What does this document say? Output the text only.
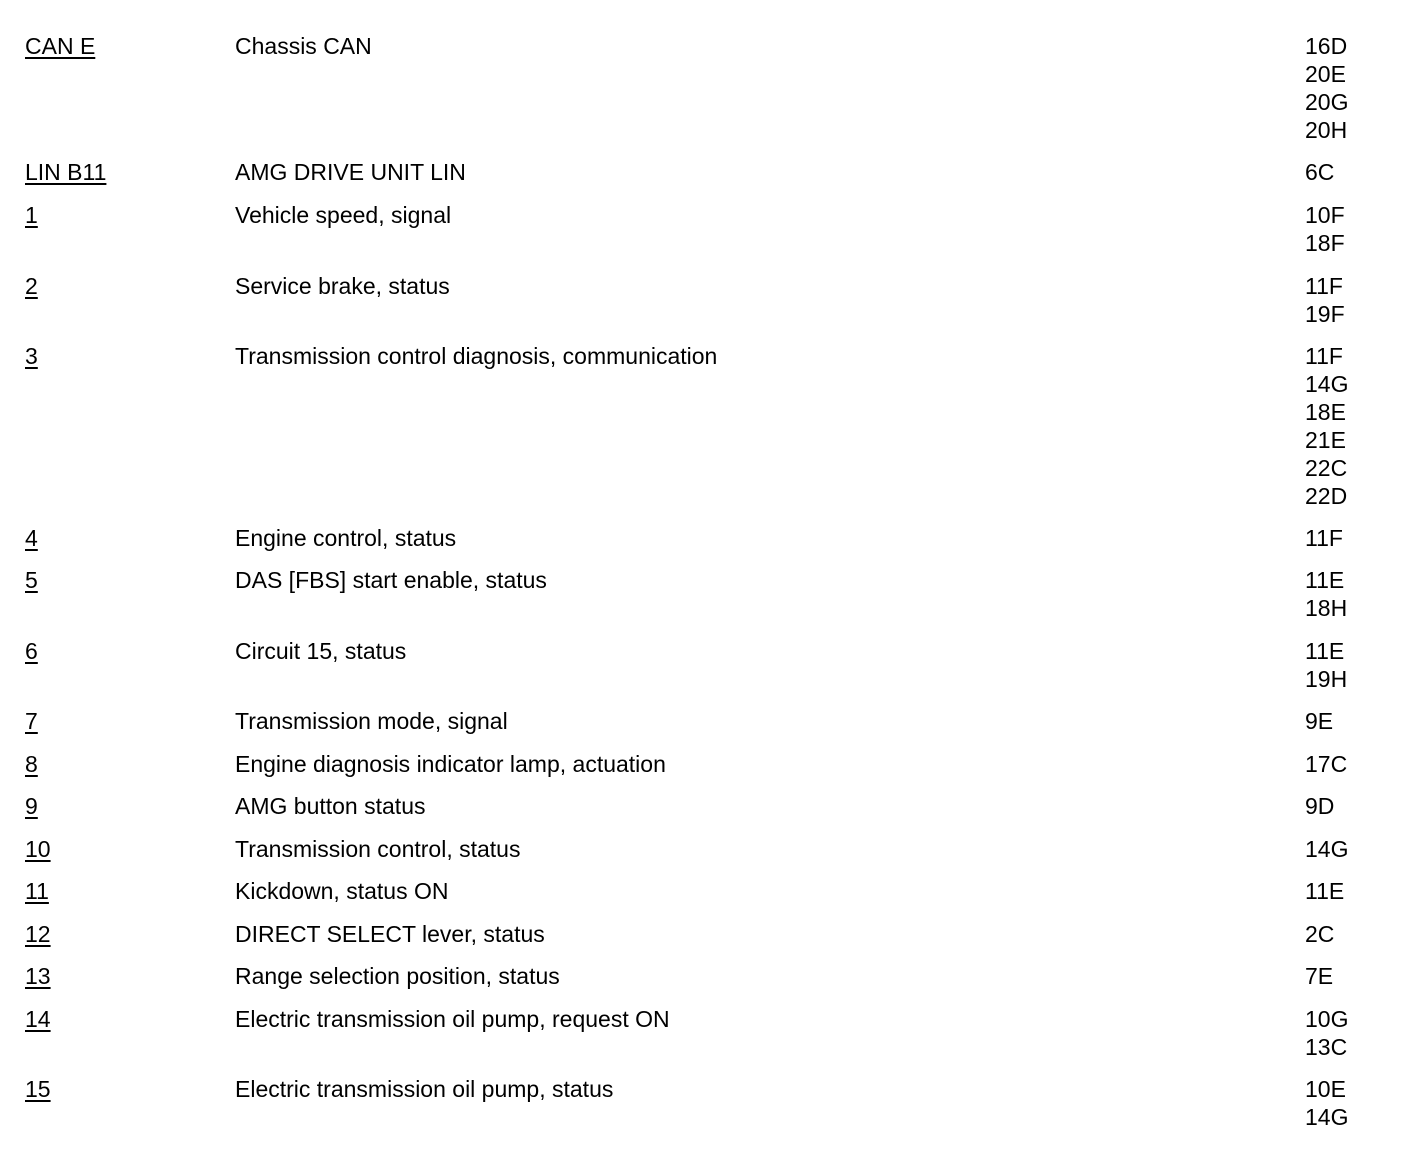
CAN E	Chassis CAN	16D
20E
20G
20H
LIN B11	AMG DRIVE UNIT LIN	6C
1	Vehicle speed, signal	10F
18F
2	Service brake, status	11F
19F
3	Transmission control diagnosis, communication	11F
14G
18E
21E
22C
22D
4	Engine control, status	11F
5	DAS [FBS] start enable, status	11E
18H
6	Circuit 15, status	11E
19H
7	Transmission mode, signal	9E
8	Engine diagnosis indicator lamp, actuation	17C
9	AMG button status	9D
10	Transmission control, status	14G
11	Kickdown, status ON	11E
12	DIRECT SELECT lever, status	2C
13	Range selection position, status	7E
14	Electric transmission oil pump, request ON	10G
13C
15	Electric transmission oil pump, status	10E
14G
